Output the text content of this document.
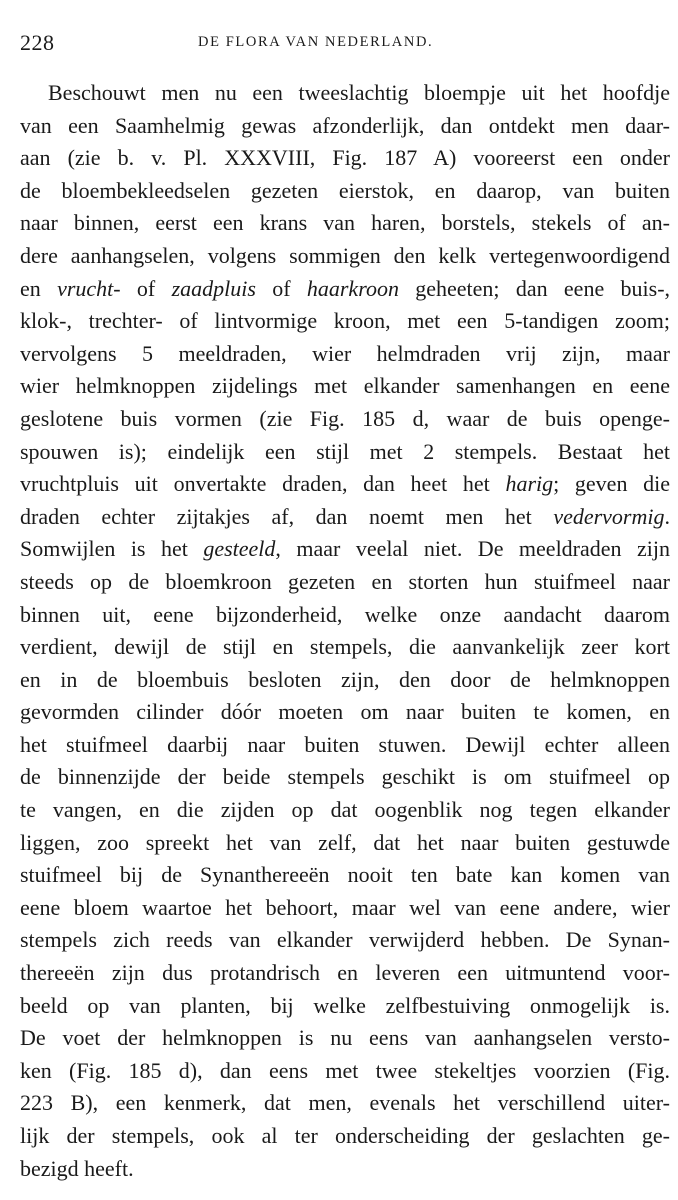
228	DE FLORA VAN NEDERLAND.
Beschouwt men nu een tweeslachtig bloempje uit het hoofdje
van een Saamhelmig gewas afzonderlijk, dan ontdekt men daar-
aan (zie b. v. Pl. XXXVIII, Fig. 187 A) vooreerst een onder
de bloembekleedselen gezeten eierstok, en daarop, van buiten
naar binnen, eerst een krans van haren, borstels, stekels of an-
dere aanhangselen, volgens sommigen den kelk vertegenwoordigend
en vrucht- of zaadpluis of haarkroon geheeten; dan eene buis-,
klok-, trechter- of lintvormige kroon, met een 5-tandigen zoom;
vervolgens 5 meeldraden, wier helmdraden vrij zijn, maar
wier helmknoppen zijdelings met elkander samenhangen en eene
geslotene buis vormen (zie Fig. 185 d, waar de buis opengе-
spouwen is); eindelijk een stijl met 2 stempels. Bestaat het
vruchtpluis uit onvertakte draden, dan heet het harig; geven die
draden echter zijtakjes af, dan noemt men het vedervormig.
Somwijlen is het gesteeld, maar veelal niet. De meeldraden zijn
steeds op de bloemkroon gezeten en storten hun stuifmeel naar
binnen uit, eene bijzonderheid, welke onze aandacht daarom
verdient, dewijl de stijl en stempels, die aanvankelijk zeer kort
en in de bloembuis besloten zijn, den door de helmknoppen
gevormden cilinder dóór moeten om naar buiten te komen, en
het stuifmeel daarbij naar buiten stuwen. Dewijl echter alleen
de binnenzijde der beide stempels geschikt is om stuifmeel op
te vangen, en die zijden op dat oogenblik nog tegen elkander
liggen, zoo spreekt het van zelf, dat het naar buiten gestuwde
stuifmeel bij de Synanthereeën nooit ten bate kan komen van
eene bloem waartoe het behoort, maar wel van eene andere, wier
stempels zich reeds van elkander verwijderd hebben. De Synan-
thereeën zijn dus protandrisch en leveren een uitmuntend voor-
beeld op van planten, bij welke zelfbestuiving onmogelijk is.
De voet der helmknoppen is nu eens van aanhangselen versto-
ken (Fig. 185 d), dan eens met twee stekeltjes voorzien (Fig.
223 B), een kenmerk, dat men, evenals het verschillend uiter-
lijk der stempels, ook al ter onderscheiding der geslachten ge-
bezigd heeft.
